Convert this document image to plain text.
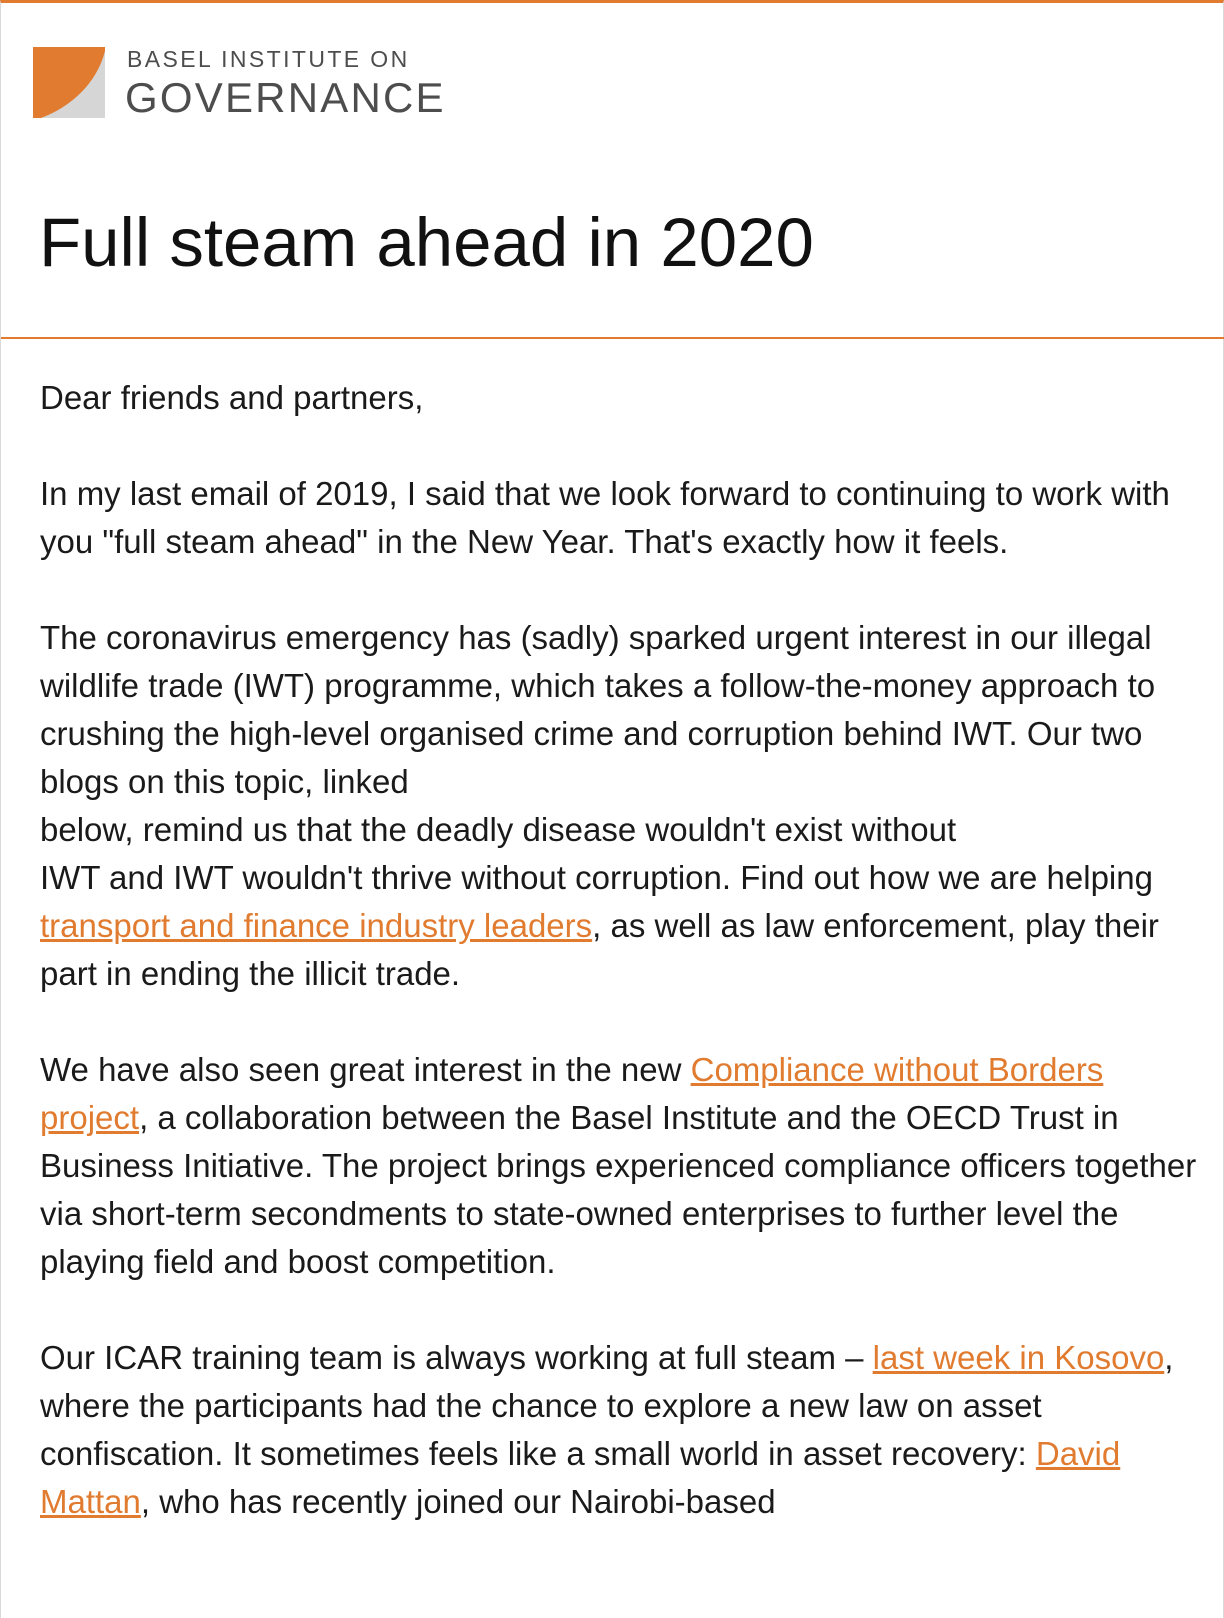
BASEL INSTITUTE ON
GOVERNANCE
Full steam ahead in 2020

Dear friends and partners,

In my last email of 2019, I said that we look forward to continuing to work with you "full steam ahead" in the New Year. That's exactly how it feels.

The coronavirus emergency has (sadly) sparked urgent interest in our illegal wildlife trade (IWT) programme, which takes a follow-the-money approach to crushing the high-level organised crime and corruption behind IWT. Our two blogs on this topic, linked
below, remind us that the deadly disease wouldn't exist without
IWT and IWT wouldn't thrive without corruption. Find out how we are helping transport and finance industry leaders, as well as law enforcement, play their part in ending the illicit trade.

We have also seen great interest in the new Compliance without Borders project, a collaboration between the Basel Institute and the OECD Trust in Business Initiative. The project brings experienced compliance officers together via short-term secondments to state-owned enterprises to further level the playing field and boost competition.

Our ICAR training team is always working at full steam – last week in Kosovo, where the participants had the chance to explore a new law on asset confiscation. It sometimes feels like a small world in asset recovery: David Mattan, who has recently joined our Nairobi-based
